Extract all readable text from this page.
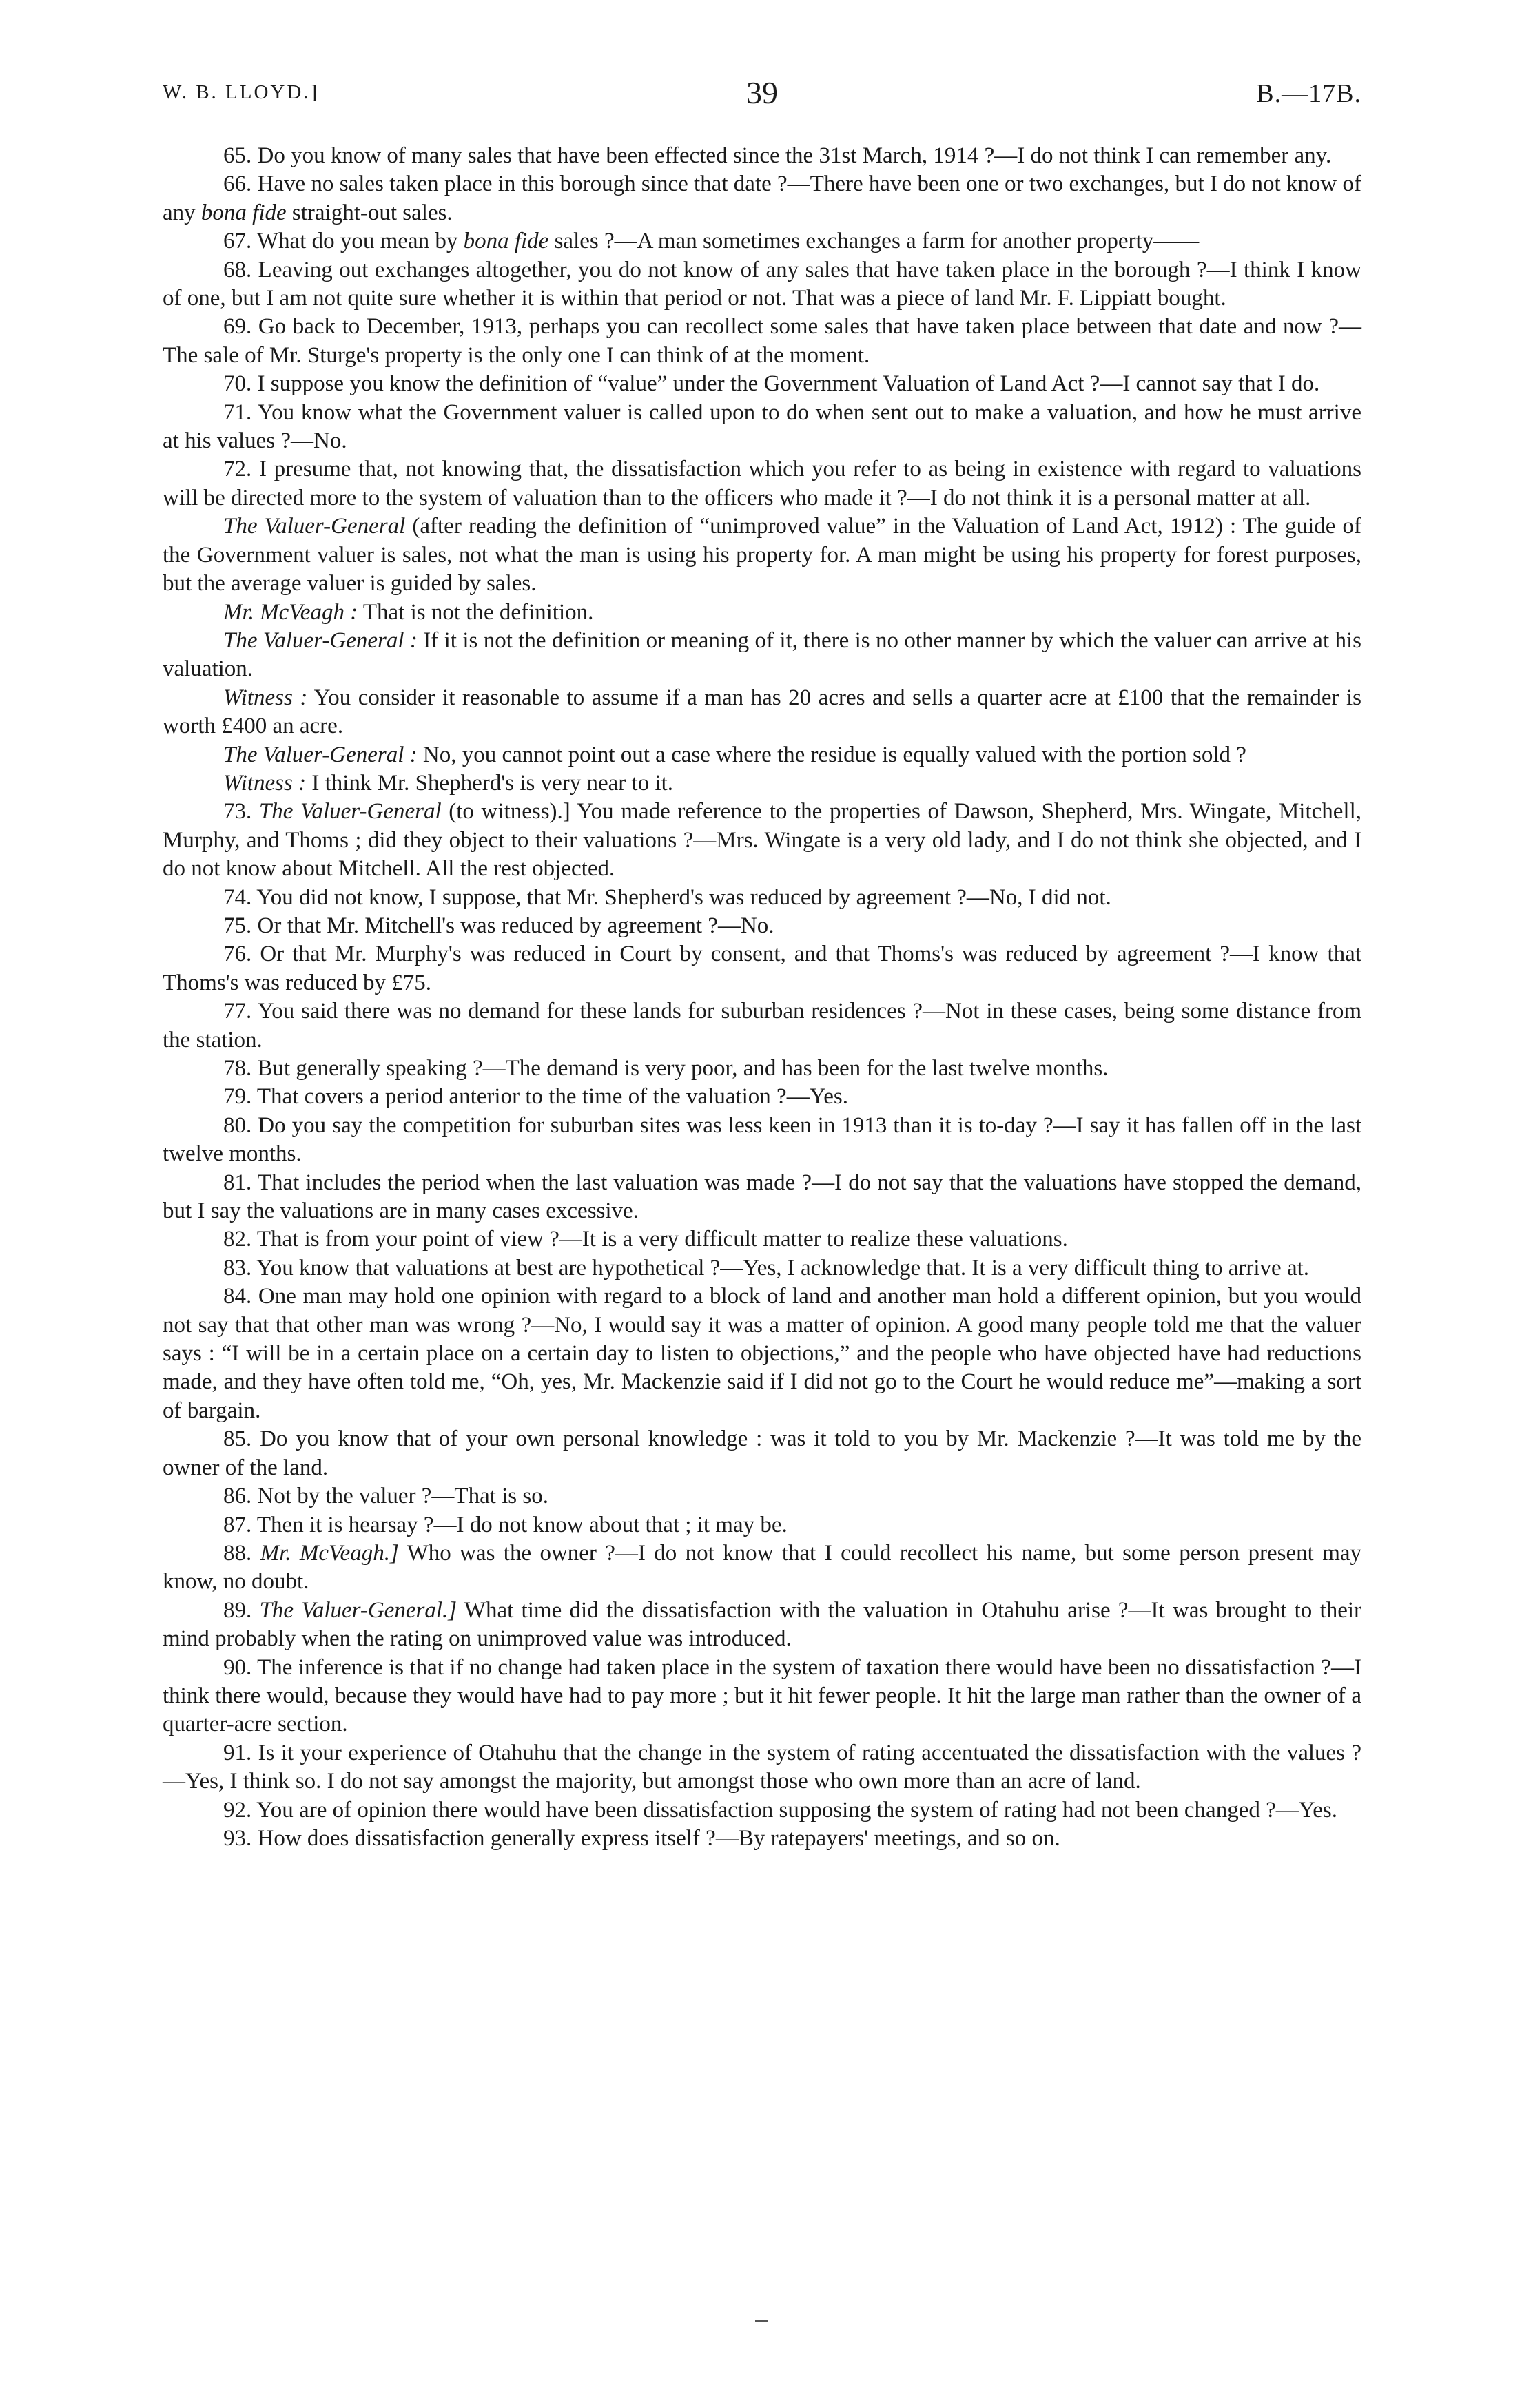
W. B. LLOYD.]	39	B.—17B.

65. Do you know of many sales that have been effected since the 31st March, 1914 ?—I do not think I can remember any.

66. Have no sales taken place in this borough since that date ?—There have been one or two exchanges, but I do not know of any bona fide straight-out sales.

67. What do you mean by bona fide sales ?—A man sometimes exchanges a farm for another property——

68. Leaving out exchanges altogether, you do not know of any sales that have taken place in the borough ?—I think I know of one, but I am not quite sure whether it is within that period or not. That was a piece of land Mr. F. Lippiatt bought.

69. Go back to December, 1913, perhaps you can recollect some sales that have taken place between that date and now ?—The sale of Mr. Sturge's property is the only one I can think of at the moment.

70. I suppose you know the definition of “value” under the Government Valuation of Land Act ?—I cannot say that I do.

71. You know what the Government valuer is called upon to do when sent out to make a valuation, and how he must arrive at his values ?—No.

72. I presume that, not knowing that, the dissatisfaction which you refer to as being in existence with regard to valuations will be directed more to the system of valuation than to the officers who made it ?—I do not think it is a personal matter at all.

The Valuer-General (after reading the definition of “unimproved value” in the Valuation of Land Act, 1912) : The guide of the Government valuer is sales, not what the man is using his property for. A man might be using his property for forest purposes, but the average valuer is guided by sales.

Mr. McVeagh : That is not the definition.

The Valuer-General : If it is not the definition or meaning of it, there is no other manner by which the valuer can arrive at his valuation.

Witness : You consider it reasonable to assume if a man has 20 acres and sells a quarter acre at £100 that the remainder is worth £400 an acre.

The Valuer-General : No, you cannot point out a case where the residue is equally valued with the portion sold ?

Witness : I think Mr. Shepherd's is very near to it.

73. The Valuer-General (to witness).] You made reference to the properties of Dawson, Shepherd, Mrs. Wingate, Mitchell, Murphy, and Thoms ; did they object to their valuations ?—Mrs. Wingate is a very old lady, and I do not think she objected, and I do not know about Mitchell. All the rest objected.

74. You did not know, I suppose, that Mr. Shepherd's was reduced by agreement ?—No, I did not.

75. Or that Mr. Mitchell's was reduced by agreement ?—No.

76. Or that Mr. Murphy's was reduced in Court by consent, and that Thoms's was reduced by agreement ?—I know that Thoms's was reduced by £75.

77. You said there was no demand for these lands for suburban residences ?—Not in these cases, being some distance from the station.

78. But generally speaking ?—The demand is very poor, and has been for the last twelve months.

79. That covers a period anterior to the time of the valuation ?—Yes.

80. Do you say the competition for suburban sites was less keen in 1913 than it is to-day ?—I say it has fallen off in the last twelve months.

81. That includes the period when the last valuation was made ?—I do not say that the valuations have stopped the demand, but I say the valuations are in many cases excessive.

82. That is from your point of view ?—It is a very difficult matter to realize these valuations.

83. You know that valuations at best are hypothetical ?—Yes, I acknowledge that. It is a very difficult thing to arrive at.

84. One man may hold one opinion with regard to a block of land and another man hold a different opinion, but you would not say that that other man was wrong ?—No, I would say it was a matter of opinion. A good many people told me that the valuer says : “I will be in a certain place on a certain day to listen to objections,” and the people who have objected have had reductions made, and they have often told me, “Oh, yes, Mr. Mackenzie said if I did not go to the Court he would reduce me”—making a sort of bargain.

85. Do you know that of your own personal knowledge : was it told to you by Mr. Mackenzie ?—It was told me by the owner of the land.

86. Not by the valuer ?—That is so.

87. Then it is hearsay ?—I do not know about that ; it may be.

88. Mr. McVeagh.] Who was the owner ?—I do not know that I could recollect his name, but some person present may know, no doubt.

89. The Valuer-General.] What time did the dissatisfaction with the valuation in Otahuhu arise ?—It was brought to their mind probably when the rating on unimproved value was introduced.

90. The inference is that if no change had taken place in the system of taxation there would have been no dissatisfaction ?—I think there would, because they would have had to pay more ; but it hit fewer people. It hit the large man rather than the owner of a quarter-acre section.

91. Is it your experience of Otahuhu that the change in the system of rating accentuated the dissatisfaction with the values ?—Yes, I think so. I do not say amongst the majority, but amongst those who own more than an acre of land.

92. You are of opinion there would have been dissatisfaction supposing the system of rating had not been changed ?—Yes.

93. How does dissatisfaction generally express itself ?—By ratepayers' meetings, and so on.
